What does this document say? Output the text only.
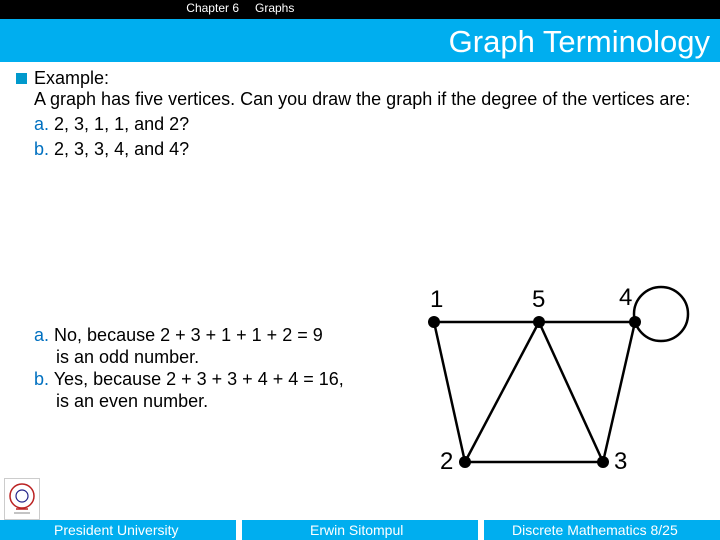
Chapter 6	Graphs
Graph Terminology
Example:
A graph has five vertices. Can you draw the graph if the degree of the vertices are:
a. 2, 3, 1, 1, and 2?
b. 2, 3, 3, 4, and 4?
a. No, because 2 + 3 + 1 + 1 + 2 = 9
is an odd number.
b. Yes, because 2 + 3 + 3 + 4 + 4 = 16,
is an even number.
1	5	4
2	3
President University	Erwin Sitompul	Discrete Mathematics 8/25
